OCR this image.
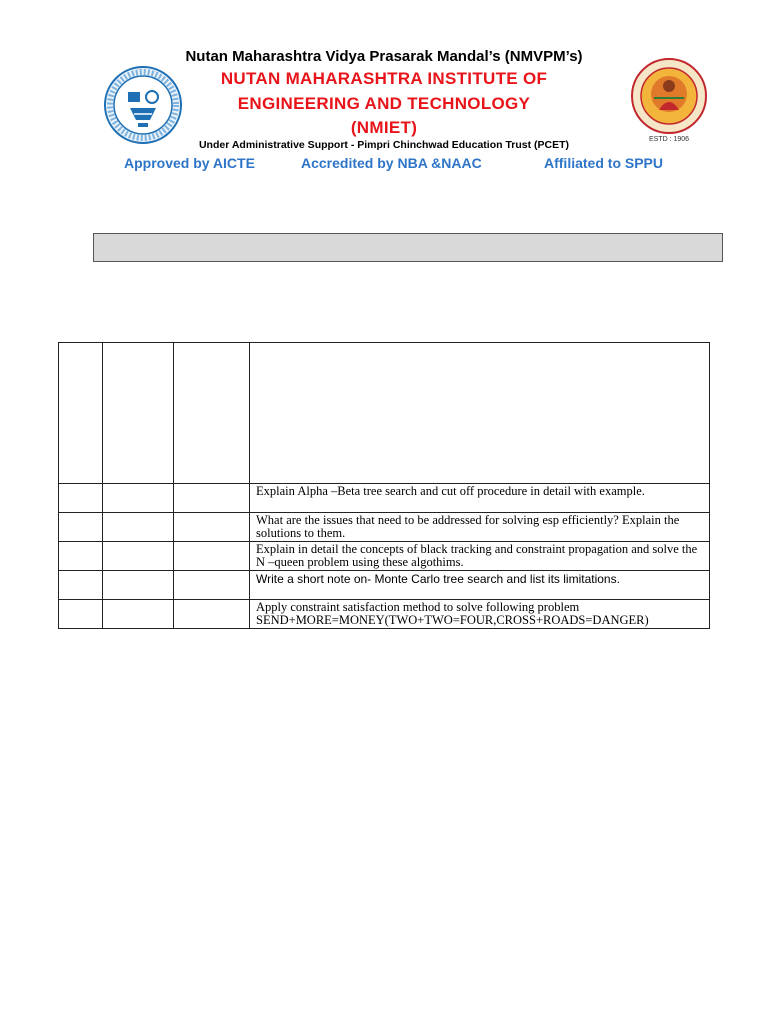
Nutan Maharashtra Vidya Prasarak Mandal’s (NMVPM’s)
NUTAN MAHARASHTRA INSTITUTE OF
ENGINEERING AND TECHNOLOGY
(NMIET)
Under Administrative Support - Pimpri Chinchwad Education Trust (PCET)	ESTD : 1906
Approved by AICTE	Accredited by NBA &NAAC	Affiliated to SPPU

			Explain Alpha –Beta tree search and cut off procedure in detail with example.

			What are the issues that need to be addressed for solving esp efficiently? Explain the solutions to them.

			Explain in detail the concepts of black tracking and constraint propagation and solve the N –queen problem using these algothims.

			Write a short note on- Monte Carlo tree search and list its limitations.

			Apply constraint satisfaction method to solve following problem SEND+MORE=MONEY(TWO+TWO=FOUR,CROSS+ROADS=DANGER)
